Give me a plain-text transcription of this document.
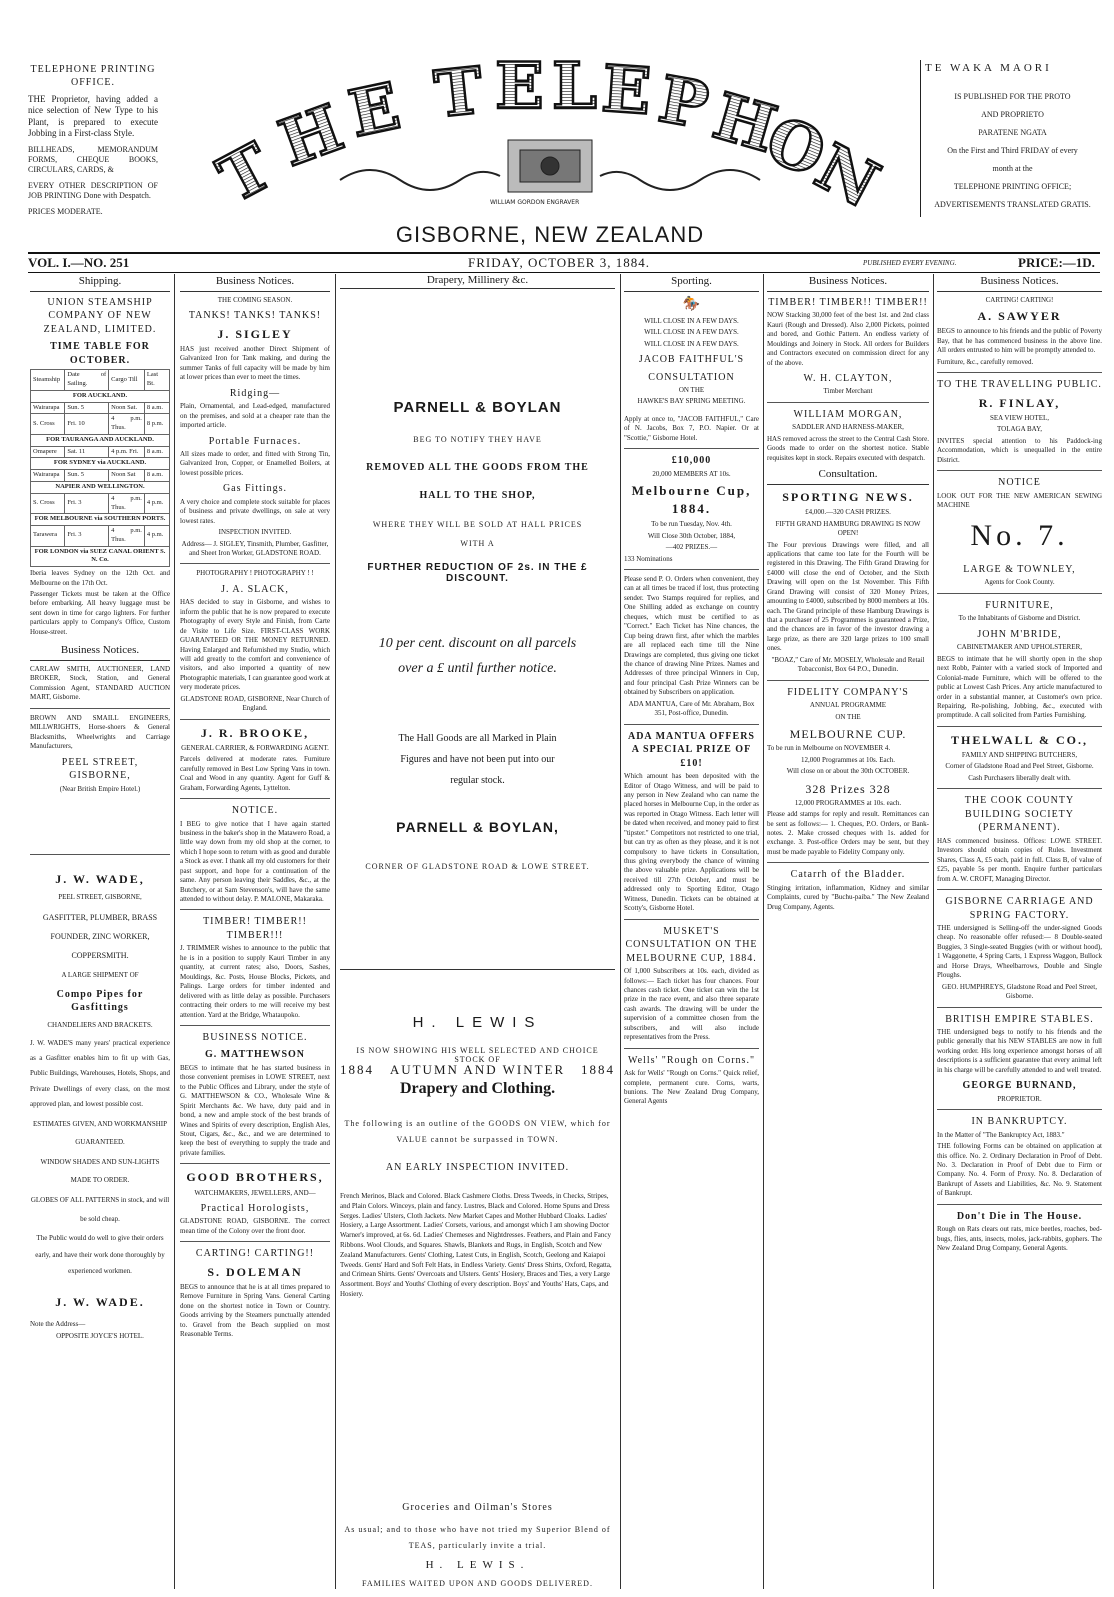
TELEPHONE PRINTING OFFICE.

THE Proprietor, having added a nice selection of New Type to his Plant, is prepared to execute Jobbing in a First-class Style.

BILLHEADS, MEMORANDUM FORMS, CHEQUE BOOKS, CIRCULARS, CARDS, &

EVERY OTHER DESCRIPTION OF JOB PRINTING Done with Despatch.

PRICES MODERATE.	T
H
E T E L E P
H
O
N
WILLIAM GORDON ENGRAVER
GISBORNE, NEW ZEALAND
TE WAKA MAORI

IS PUBLISHED FOR THE PROTO

AND PROPRIETO

PARATENE NGATA

On the First and Third FRIDAY of every

month at the

TELEPHONE PRINTING OFFICE;

ADVERTISEMENTS TRANSLATED GRATIS.

VOL. I.—NO. 251	FRIDAY, OCTOBER 3, 1884.	PUBLISHED EVERY EVENING.	PRICE:—1D.
Shipping.
UNION STEAMSHIP COMPANY OF NEW ZEALAND, LIMITED.
TIME TABLE FOR OCTOBER.
Steamship	Date of Sailing.	Cargo Till	Last Bt.
FOR AUCKLAND.			
Wairarapa	Sun. 5	Noon Sat.	8 a.m.
S. Cross	Fri. 10	4 p.m. Thus.	8 p.m.
FOR TAURANGA AND AUCKLAND.			
Omapere	Sat. 11	4 p.m. Fri.	8 a.m.
FOR SYDNEY via AUCKLAND.			
Wairarapa	Sun. 5	Noon Sat	8 a.m.
NAPIER AND WELLINGTON.			
S. Cross	Fri. 3	4 p.m. Thus.	4 p.m.
FOR MELBOURNE via SOUTHERN PORTS.			
Tarawera	Fri. 3	4 p.m. Thus.	4 p.m.
FOR LONDON via SUEZ CANAL ORIENT S. N. Co.			

Iberia leaves Sydney on the 12th Oct. and Melbourne on the 17th Oct.

Passenger Tickets must be taken at the Office before embarking. All heavy luggage must be sent down in time for cargo lighters. For further particulars apply to Company's Office, Custom House-street.

Business Notices.

CARLAW SMITH, AUCTIONEER, LAND BROKER, Stock, Station, and General Commission Agent, STANDARD AUCTION MART, Gisborne.

BROWN AND SMAILL ENGINEERS, MILLWRIGHTS, Horse-shoers & General Blacksmiths, Wheelwrights and Carriage Manufacturers,

PEEL STREET, GISBORNE,

(Near British Empire Hotel.)

J. W. WADE,

PEEL STREET, GISBORNE,

GASFITTER, PLUMBER, BRASS FOUNDER, ZINC WORKER, COPPERSMITH.

A LARGE SHIPMENT OF

Compo Pipes for Gasfittings

CHANDELIERS AND BRACKETS.

J. W. WADE'S many years' practical experience as a Gasfitter enables him to fit up with Gas, Public Buildings, Warehouses, Hotels, Shops, and Private Dwellings of every class, on the most approved plan, and lowest possible cost.

ESTIMATES GIVEN, AND WORKMANSHIP GUARANTEED.

WINDOW SHADES AND SUN-LIGHTS MADE TO ORDER.

GLOBES OF ALL PATTERNS in stock, and will be sold cheap.

The Public would do well to give their orders early, and have their work done thoroughly by experienced workmen.

J. W. WADE.

Note the Address—

OPPOSITE JOYCE'S HOTEL.

Business Notices.

THE COMING SEASON.

TANKS! TANKS! TANKS!
J. SIGLEY

HAS just received another Direct Shipment of Galvanized Iron for Tank making, and during the summer Tanks of full capacity will be made by him at lower prices than ever to meet the times.

Ridging—

Plain, Ornamental, and Lead-edged, manufactured on the premises, and sold at a cheaper rate than the imported article.

Portable Furnaces.

All sizes made to order, and fitted with Strong Tin, Galvanized Iron, Copper, or Enamelled Boilers, at lowest possible prices.

Gas Fittings.

A very choice and complete stock suitable for places of business and private dwellings, on sale at very lowest rates.

INSPECTION INVITED.

Address— J. SIGLEY, Tinsmith, Plumber, Gasfitter, and Sheet Iron Worker, GLADSTONE ROAD.

PHOTOGRAPHY ! PHOTOGRAPHY ! !

J. A. SLACK,

HAS decided to stay in Gisborne, and wishes to inform the public that he is now prepared to execute Photography of every Style and Finish, from Carte de Visite to Life Size. FIRST-CLASS WORK GUARANTEED OR THE MONEY RETURNED. Having Enlarged and Refurnished my Studio, which will add greatly to the comfort and convenience of visitors, and also imported a quantity of new Photographic materials, I can guarantee good work at very moderate prices.

GLADSTONE ROAD, GISBORNE, Near Church of England.

J. R. BROOKE,

GENERAL CARRIER, & FORWARDING AGENT.

Parcels delivered at moderate rates. Furniture carefully removed in Best Low Spring Vans in town. Coal and Wood in any quantity. Agent for Guff & Graham, Forwarding Agents, Lyttelton.

NOTICE.

I BEG to give notice that I have again started business in the baker's shop in the Matawero Road, a little way down from my old shop at the corner, to which I hope soon to return with as good and durable a Stock as ever. I thank all my old customers for their past support, and hope for a continuation of the same. Any person leaving their Saddles, &c., at the Butchery, or at Sam Stevenson's, will have the same attended to without delay. P. MALONE, Makaraka.

TIMBER! TIMBER!! TIMBER!!!

J. TRIMMER wishes to announce to the public that he is in a position to supply Kauri Timber in any quantity, at current rates; also, Doors, Sashes, Mouldings, &c. Posts, House Blocks, Pickets, and Palings. Large orders for timber indented and delivered with as little delay as possible. Purchasers contracting their orders to me will receive my best attention. Yard at the Bridge, Whataupoko.

BUSINESS NOTICE.
G. MATTHEWSON

BEGS to intimate that he has started business in those convenient premises in LOWE STREET, next to the Public Offices and Library, under the style of G. MATTHEWSON & CO., Wholesale Wine & Spirit Merchants &c. We have, duty paid and in bond, a new and ample stock of the best brands of Wines and Spirits of every description, English Ales, Stout, Cigars, &c., &c., and we are determined to keep the best of everything to supply the trade and private families.

GOOD BROTHERS,

WATCHMAKERS, JEWELLERS, AND—

Practical Horologists,

GLADSTONE ROAD, GISBORNE. The correct mean time of the Colony over the front door.

CARTING! CARTING!!
S. DOLEMAN

BEGS to announce that he is at all times prepared to Remove Furniture in Spring Vans. General Carting done on the shortest notice in Town or Country. Goods arriving by the Steamers punctually attended to. Gravel from the Beach supplied on most Reasonable Terms.

Drapery, Millinery &c.
PARNELL & BOYLAN
BEG TO NOTIFY THEY HAVE
REMOVED ALL THE GOODS FROM THE
HALL TO THE SHOP,
WHERE THEY WILL BE SOLD AT HALL PRICES
WITH A
FURTHER REDUCTION OF 2s. IN THE £ DISCOUNT.
10 per cent. discount on all parcels
over a £ until further notice.
The Hall Goods are all Marked in Plain
Figures and have not been put into our
regular stock.
PARNELL & BOYLAN,
CORNER OF GLADSTONE ROAD & LOWE STREET.
H. LEWIS
IS NOW SHOWING HIS WELL SELECTED AND CHOICE STOCK OF
1884 AUTUMN AND WINTER 1884
Drapery and Clothing.
The following is an outline of the GOODS ON VIEW, which for VALUE cannot be surpassed in TOWN.
AN EARLY INSPECTION INVITED.
French Merinos, Black and Colored. Black Cashmere Cloths. Dress Tweeds, in Checks, Stripes, and Plain Colors. Winceys, plain and fancy. Lustres, Black and Colored. Home Spuns and Dress Serges. Ladies' Ulsters, Cloth Jackets. New Market Capes and Mother Hubbard Cloaks. Ladies' Hosiery, a Large Assortment. Ladies' Corsets, various, and amongst which I am showing Doctor Warner's improved, at 6s. 6d. Ladies' Chemeses and Nightdresses. Feathers, and Plain and Fancy Ribbons. Wool Clouds, and Squares. Shawls, Blankets and Rugs, in English, Scotch and New Zealand Manufacturers. Gents' Clothing, Latest Cuts, in English, Scotch, Geelong and Kaiapoi Tweeds. Gents' Hard and Soft Felt Hats, in Endless Variety. Gents' Dress Shirts, Oxford, Regatta, and Crimean Shirts. Gents' Overcoats and Ulsters. Gents' Hosiery, Braces and Ties, a very Large Assortment. Boys' and Youths' Clothing of every description. Boys' and Youths' Hats, Caps, and Hosiery.
Groceries and Oilman's Stores
As usual; and to those who have not tried my Superior Blend of TEAS, particularly invite a trial.
H. LEWIS.
FAMILIES WAITED UPON AND GOODS DELIVERED.
Sporting.
🏇

WILL CLOSE IN A FEW DAYS.

WILL CLOSE IN A FEW DAYS.

WILL CLOSE IN A FEW DAYS.

JACOB FAITHFUL'S
CONSULTATION

ON THE

HAWKE'S BAY SPRING MEETING.

Apply at once to, "JACOB FAITHFUL," Care of N. Jacobs, Box 7, P.O. Napier. Or at "Scottie," Gisborne Hotel.

£10,000

20,000 MEMBERS AT 10s.

Melbourne Cup, 1884.

To be run Tuesday, Nov. 4th.

Will Close 30th October, 1884,

—402 PRIZES.—

133 Nominations

Please send P. O. Orders when convenient, they can at all times be traced if lost, thus protecting sender. Two Stamps required for replies, and One Shilling added as exchange on country cheques, which must be certified to as "Correct." Each Ticket has Nine chances, the Cup being drawn first, after which the marbles are all replaced each time till the Nine Drawings are completed, thus giving one ticket the chance of drawing Nine Prizes. Names and Addresses of three principal Winners in Cup, and four principal Cash Prize Winners can be obtained by Subscribers on application.

ADA MANTUA, Care of Mr. Abraham, Box 351, Post-office, Dunedin.

ADA MANTUA OFFERS A SPECIAL PRIZE OF £10!

Which amount has been deposited with the Editor of Otago Witness, and will be paid to any person in New Zealand who can name the placed horses in Melbourne Cup, in the order as was reported in Otago Witness. Each letter will be dated when received, and money paid to first "tipster." Competitors not restricted to one trial, but can try as often as they please, and it is not compulsory to have tickets in Consultation, thus giving everybody the chance of winning the above valuable prize. Applications will be received till 27th October, and must be addressed only to Sporting Editor, Otago Witness, Dunedin. Tickets can be obtained at Scotty's, Gisborne Hotel.

MUSKET'S CONSULTATION ON THE MELBOURNE CUP, 1884.

Of 1,000 Subscribers at 10s. each, divided as follows:— Each ticket has four chances. Four chances cash ticket. One ticket can win the 1st prize in the race event, and also three separate cash awards. The drawing will be under the supervision of a committee chosen from the subscribers, and will also include representatives from the Press.

Wells' "Rough on Corns."

Ask for Wells' "Rough on Corns." Quick relief, complete, permanent cure. Corns, warts, bunions. The New Zealand Drug Company, General Agents

Business Notices.
TIMBER! TIMBER!! TIMBER!!

NOW Stacking 30,000 feet of the best 1st. and 2nd class Kauri (Rough and Dressed). Also 2,000 Pickets, pointed and bored, and Gothic Pattern. An endless variety of Mouldings and Joinery in Stock. All orders for Builders and Contractors executed on commission direct for any of the above.

W. H. CLAYTON,

Timber Merchant

WILLIAM MORGAN,

SADDLER AND HARNESS-MAKER,

HAS removed across the street to the Central Cash Store. Goods made to order on the shortest notice. Stable requisites kept in stock. Repairs executed with despatch.

Consultation.
SPORTING NEWS.

£4,000.—320 CASH PRIZES.

FIFTH GRAND HAMBURG DRAWING IS NOW OPEN!

The Four previous Drawings were filled, and all applications that came too late for the Fourth will be registered in this Drawing. The Fifth Grand Drawing for £4000 will close the end of October, and the Sixth Drawing will open on the 1st November. This Fifth Grand Drawing will consist of 320 Money Prizes, amounting to £4000, subscribed by 8000 members at 10s. each. The Grand principle of these Hamburg Drawings is that a purchaser of 25 Programmes is guaranteed a Prize, and the chances are in favor of the investor drawing a large prize, as there are 320 large prizes to 100 small ones.

"BOAZ," Care of Mr. MOSELY, Wholesale and Retail Tobacconist, Box 64 P.O., Dunedin.

FIDELITY COMPANY'S

ANNUAL PROGRAMME

ON THE

MELBOURNE CUP.

To be run in Melbourne on NOVEMBER 4.

12,000 Programmes at 10s. Each.

Will close on or about the 30th OCTOBER.

328 Prizes 328

12,000 PROGRAMMES at 10s. each.

Please add stamps for reply and result. Remittances can be sent as follows:— 1. Cheques, P.O. Orders, or Bank-notes. 2. Make crossed cheques with 1s. added for exchange. 3. Post-office Orders may be sent, but they must be made payable to Fidelity Company only.

Catarrh of the Bladder.

Stinging irritation, inflammation, Kidney and similar Complaints, cured by "Buchu-paiba." The New Zealand Drug Company, Agents.

Business Notices.

CARTING! CARTING!

A. SAWYER

BEGS to announce to his friends and the public of Poverty Bay, that he has commenced business in the above line. All orders entrusted to him will be promptly attended to.

Furniture, &c., carefully removed.

TO THE TRAVELLING PUBLIC.
R. FINLAY,

SEA VIEW HOTEL,

TOLAGA BAY,

INVITES special attention to his Paddock-ing Accommodation, which is unequalled in the entire District.

NOTICE

LOOK OUT FOR THE NEW AMERICAN SEWING MACHINE

No. 7.
LARGE & TOWNLEY,

Agents for Cook County.

FURNITURE,

To the Inhabitants of Gisborne and District.

JOHN M'BRIDE,

CABINETMAKER AND UPHOLSTERER,

BEGS to intimate that he will shortly open in the shop next Robb, Painter with a varied stock of Imported and Colonial-made Furniture, which will be offered to the public at Lowest Cash Prices. Any article manufactured to order in a substantial manner, at Customer's own price. Repairing, Re-polishing, Jobbing, &c., executed with promptitude. A call solicited from Parties Furnishing.

THELWALL & CO.,

FAMILY AND SHIPPING BUTCHERS,

Corner of Gladstone Road and Peel Street, Gisborne.

Cash Purchasers liberally dealt with.

THE COOK COUNTY BUILDING SOCIETY (PERMANENT).

HAS commenced business. Offices: LOWE STREET. Investors should obtain copies of Rules. Investment Shares, Class A, £5 each, paid in full. Class B, of value of £25, payable 5s per month. Enquire further particulars from A. W. CROFT, Managing Director.

GISBORNE CARRIAGE AND SPRING FACTORY.

THE undersigned is Selling-off the under-signed Goods cheap. No reasonable offer refused:— 8 Double-seated Buggies, 3 Single-seated Buggies (with or without hood), 1 Waggonette, 4 Spring Carts, 1 Express Waggon, Bullock and Horse Drays, Wheelbarrows, Double and Single Ploughs.

GEO. HUMPHREYS, Gladstone Road and Peel Street, Gisborne.

BRITISH EMPIRE STABLES.

THE undersigned begs to notify to his friends and the public generally that his NEW STABLES are now in full working order. His long experience amongst horses of all descriptions is a sufficient guarantee that every animal left in his charge will be carefully attended to and well treated.

GEORGE BURNAND,

PROPRIETOR.

IN BANKRUPTCY.

In the Matter of "The Bankruptcy Act, 1883."

THE following Forms can be obtained on application at this office. No. 2. Ordinary Declaration in Proof of Debt. No. 3. Declaration in Proof of Debt due to Firm or Company. No. 4. Form of Proxy. No. 8. Declaration of Bankrupt of Assets and Liabilities, &c. No. 9. Statement of Bankrupt.

Don't Die in The House.

Rough on Rats clears out rats, mice beetles, roaches, bed-bugs, flies, ants, insects, moles, jack-rabbits, gophers. The New Zealand Drug Company, General Agents.
